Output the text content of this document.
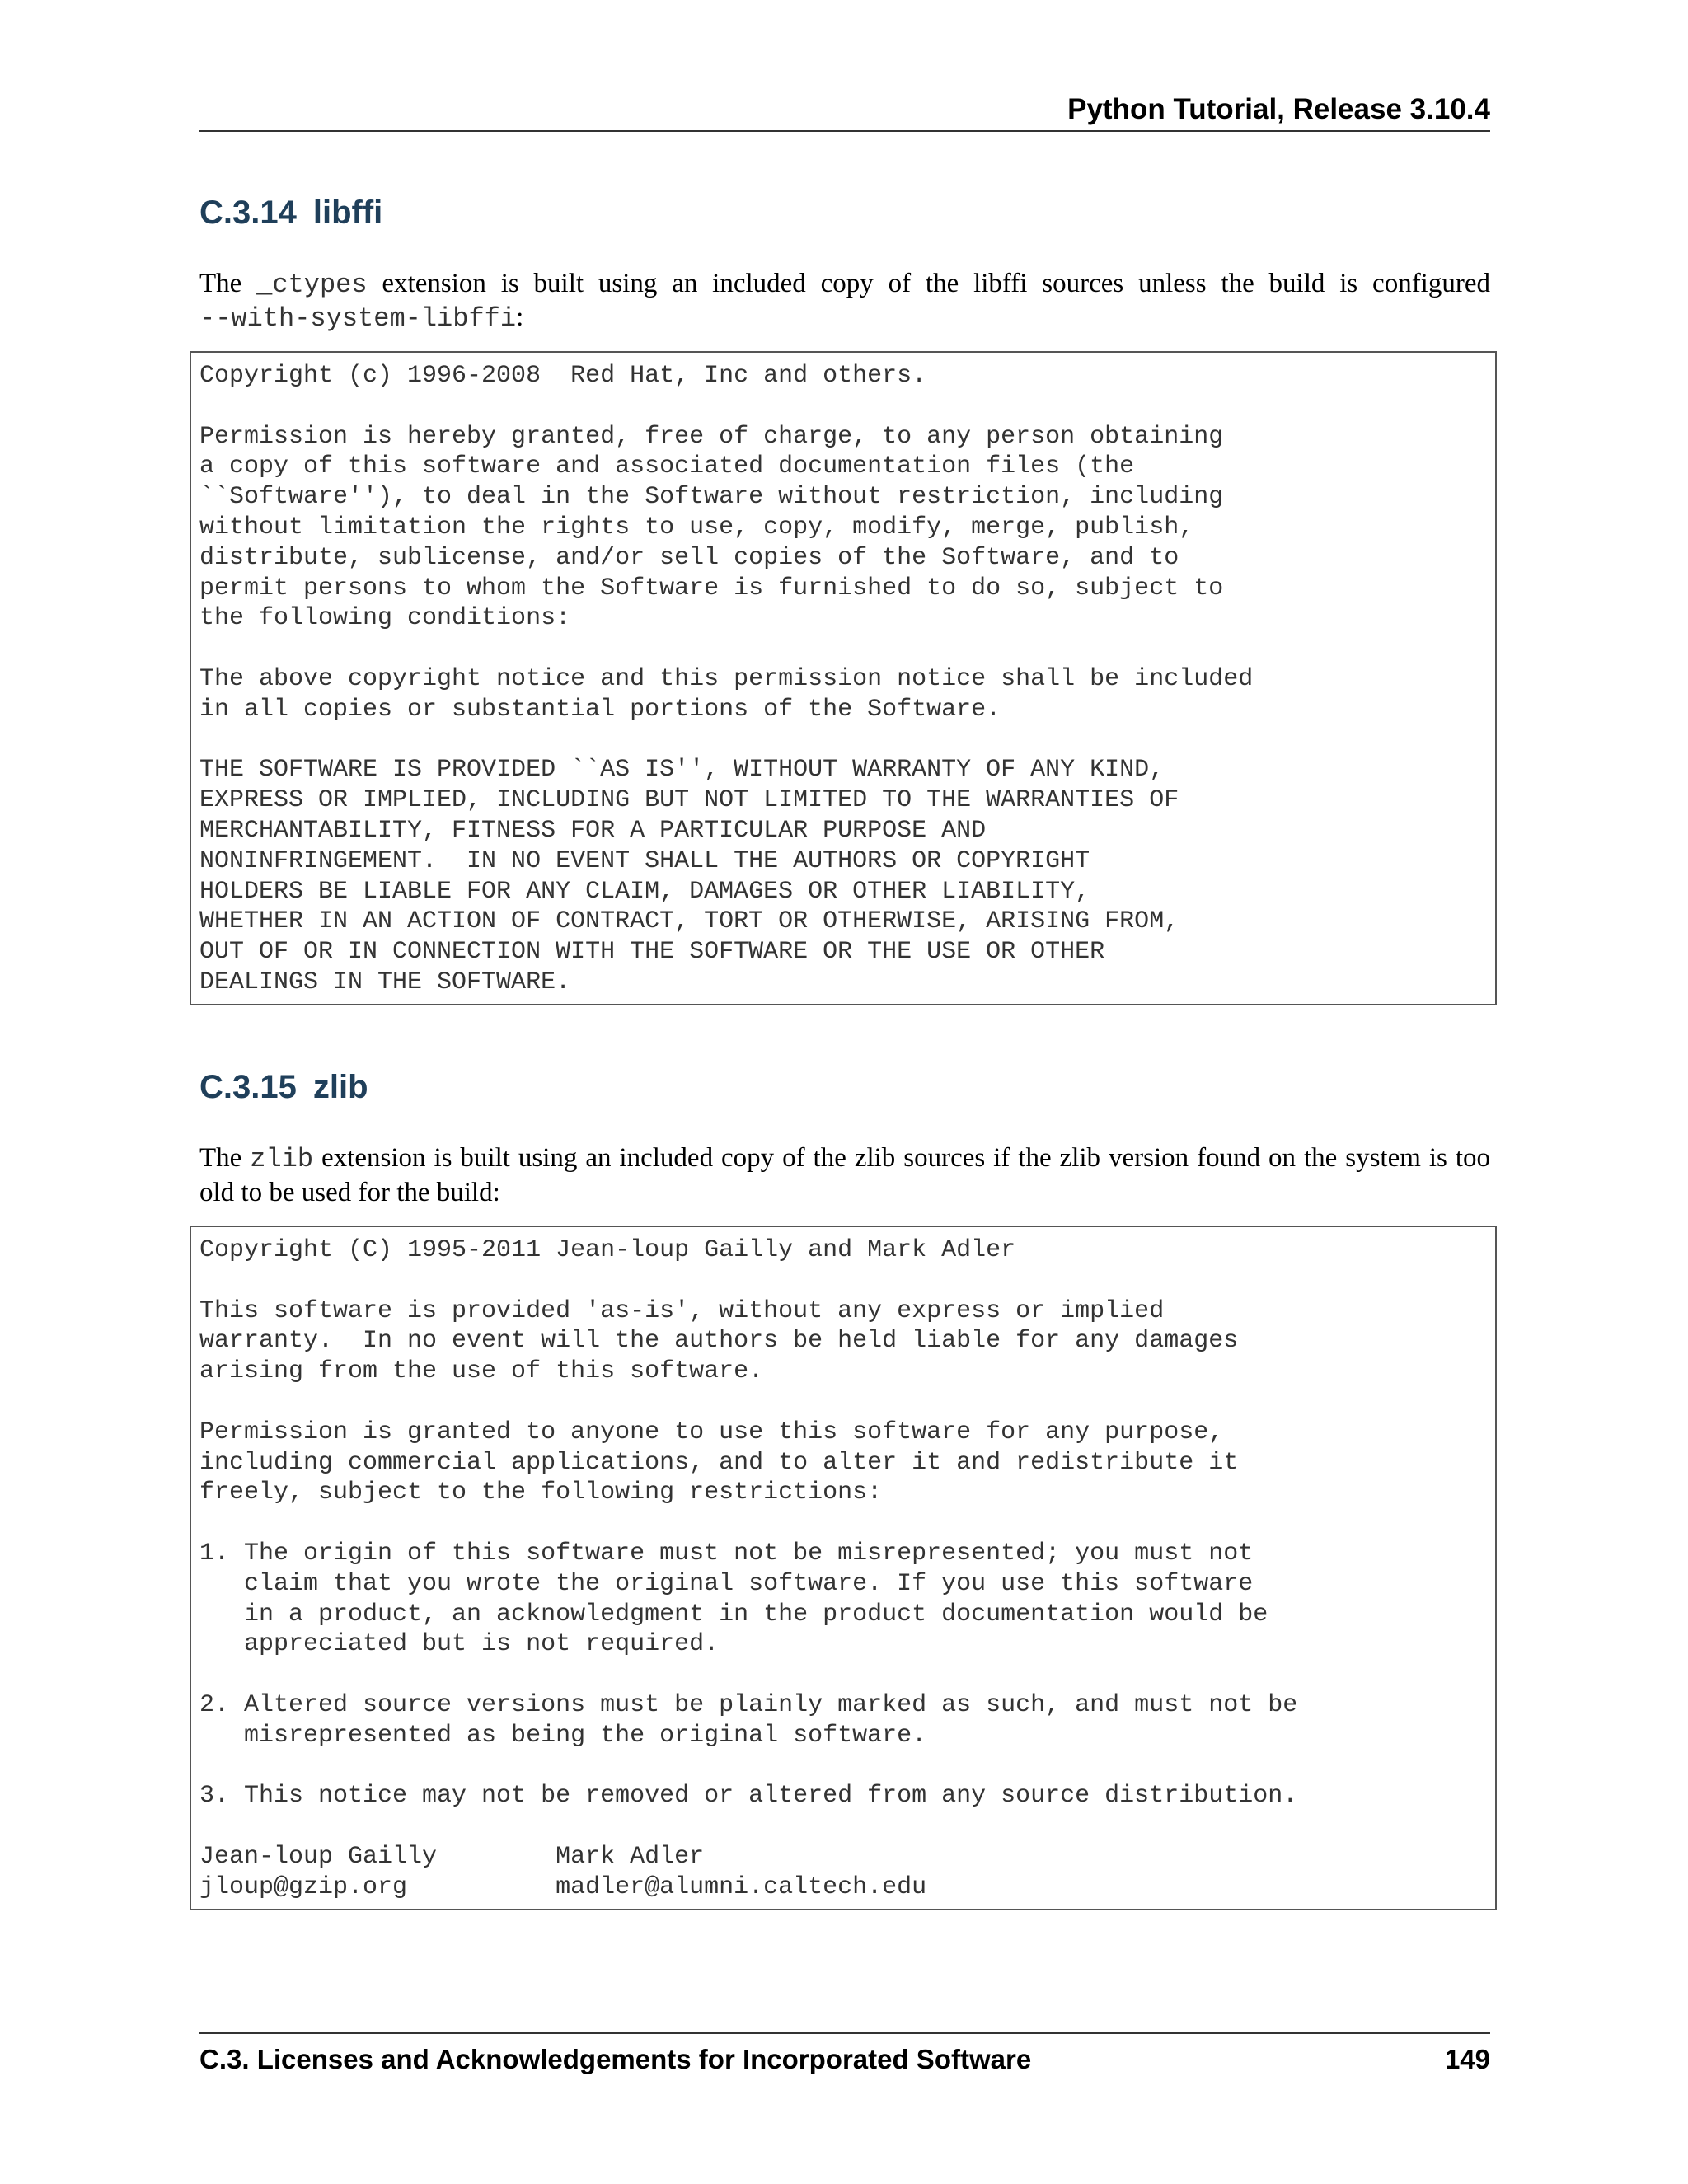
Python Tutorial, Release 3.10.4
C.3.14 libffi

The _ctypes extension is built using an included copy of the libffi sources unless the build is configured

--with-system-libffi:

Copyright (c) 1996-2008  Red Hat, Inc and others.

Permission is hereby granted, free of charge, to any person obtaining
a copy of this software and associated documentation files (the
``Software''), to deal in the Software without restriction, including
without limitation the rights to use, copy, modify, merge, publish,
distribute, sublicense, and/or sell copies of the Software, and to
permit persons to whom the Software is furnished to do so, subject to
the following conditions:

The above copyright notice and this permission notice shall be included
in all copies or substantial portions of the Software.

THE SOFTWARE IS PROVIDED ``AS IS'', WITHOUT WARRANTY OF ANY KIND,
EXPRESS OR IMPLIED, INCLUDING BUT NOT LIMITED TO THE WARRANTIES OF
MERCHANTABILITY, FITNESS FOR A PARTICULAR PURPOSE AND
NONINFRINGEMENT.  IN NO EVENT SHALL THE AUTHORS OR COPYRIGHT
HOLDERS BE LIABLE FOR ANY CLAIM, DAMAGES OR OTHER LIABILITY,
WHETHER IN AN ACTION OF CONTRACT, TORT OR OTHERWISE, ARISING FROM,
OUT OF OR IN CONNECTION WITH THE SOFTWARE OR THE USE OR OTHER
DEALINGS IN THE SOFTWARE.
C.3.15 zlib

The zlib extension is built using an included copy of the zlib sources if the zlib version found on the system is too old to be used for the build:

Copyright (C) 1995-2011 Jean-loup Gailly and Mark Adler

This software is provided 'as-is', without any express or implied
warranty.  In no event will the authors be held liable for any damages
arising from the use of this software.

Permission is granted to anyone to use this software for any purpose,
including commercial applications, and to alter it and redistribute it
freely, subject to the following restrictions:

1. The origin of this software must not be misrepresented; you must not
claim that you wrote the original software. If you use this software
in a product, an acknowledgment in the product documentation would be
appreciated but is not required.

2. Altered source versions must be plainly marked as such, and must not be
misrepresented as being the original software.

3. This notice may not be removed or altered from any source distribution.

Jean-loup Gailly        Mark Adler
jloup@gzip.org          madler@alumni.caltech.edu
C.3. Licenses and Acknowledgements for Incorporated Software	149
